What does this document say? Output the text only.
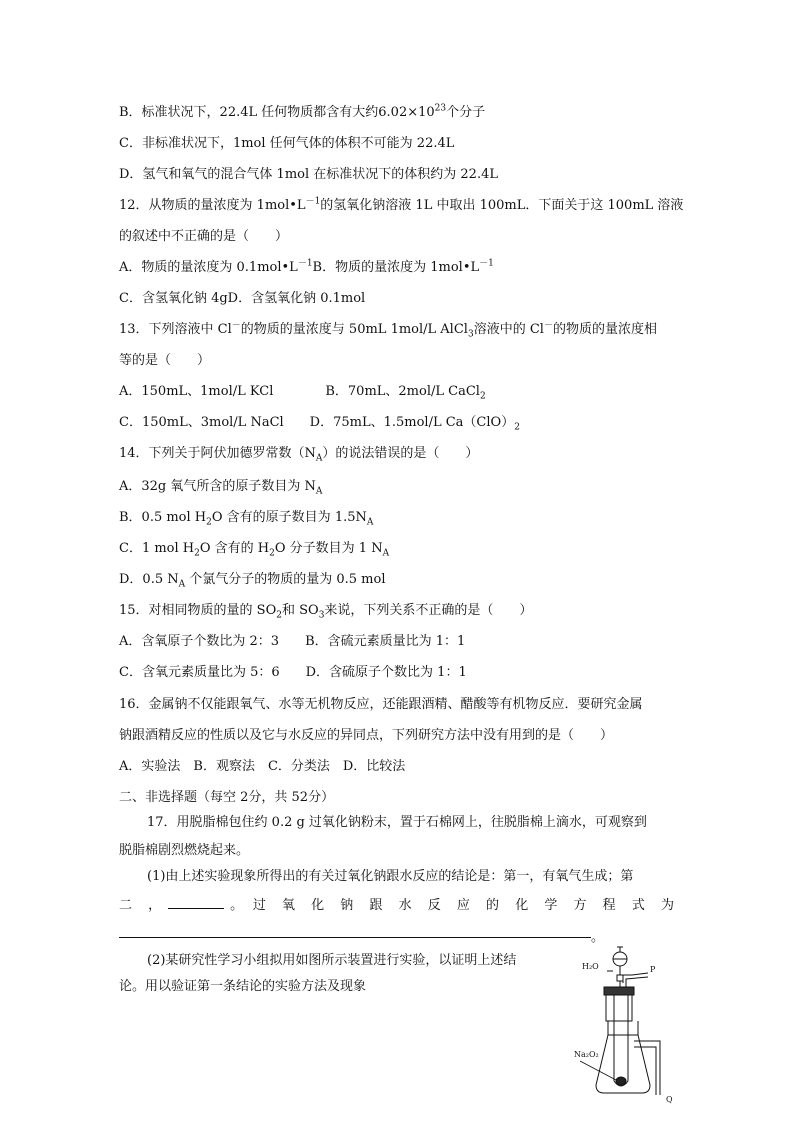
B．标准状况下，22.4L 任何物质都含有大约$6.02\times 10^{23}$个分子
C．非标准状况下，1mol 任何气体的体积不可能为 22.4L
D．氢气和氧气的混合气体 1mol 在标准状况下的体积约为 22.4L
12．从物质的量浓度为 $1mol•L^{-1}$的氢氧化钠溶液 1L 中取出 100mL．下面关于这 100mL 溶液
的叙述中不正确的是（　　）
A．物质的量浓度为 $0.1mol•L^{-1}B$．物质的量浓度为 $1mol•L^{-1}$
C．含氢氧化钠 4gD．含氢氧化钠 0.1mol
13．下列溶液中 Cl－的物质的量浓度与 50mL 1mol/L AlCl$_3$溶液中的 Cl－的物质的量浓度相
等的是（　　）
A．150mL、1mol/L KCl　　　　B．70mL、2mol/L CaCl$_2$
C．150mL、3mol/L NaCl　　D．75mL、1.5mol/L $Ca(ClO)_2$
14．下列关于阿伏加德罗常数$(N_A)$的说法错误的是（　　）
A．32g 氧气所含的原子数目为 $N_A$
B．0.5 mol $H_2O$ 含有的原子数目为 $1.5N_A$
C．1 mol $H_2O$ 含有的 $H_2O$ 分子数目为 1 $N_A$
D．0.5 $N_A$ 个氯气分子的物质的量为 0.5 mol
15．对相同物质的量的 $SO_2$和 $SO_3$来说，下列关系不正确的是（　　）
A．含氧原子个数比为 2：3　　B．含硫元素质量比为 1：1
C．含氧元素质量比为 5：6　　D．含硫原子个数比为 1：1
16．金属钠不仅能跟氧气、水等无机物反应，还能跟酒精、醋酸等有机物反应．要研究金属
钠跟酒精反应的性质以及它与水反应的异同点，下列研究方法中没有用到的是（　　）
A．实验法　B．观察法　C．分类法　D．比较法
二、非选择题（每空 2分，共 52分）
17．用脱脂棉包住约 0.2 g 过氧化钠粉末，置于石棉网上，往脱脂棉上滴水，可观察到
脱脂棉剧烈燃烧起来。
(1)由上述实验现象所得出的有关过氧化钠跟水反应的结论是：第一，有氧气生成；第
二　，	。　过　氧　化　钠　跟　水　反　应　的　化　学　方　程　式　为
。
(2)某研究性学习小组拟用如图所示装置进行实验，以证明上述结
论。用以验证第一条结论的实验方法及现象
H₂O	P
Na₂O₂
Q
